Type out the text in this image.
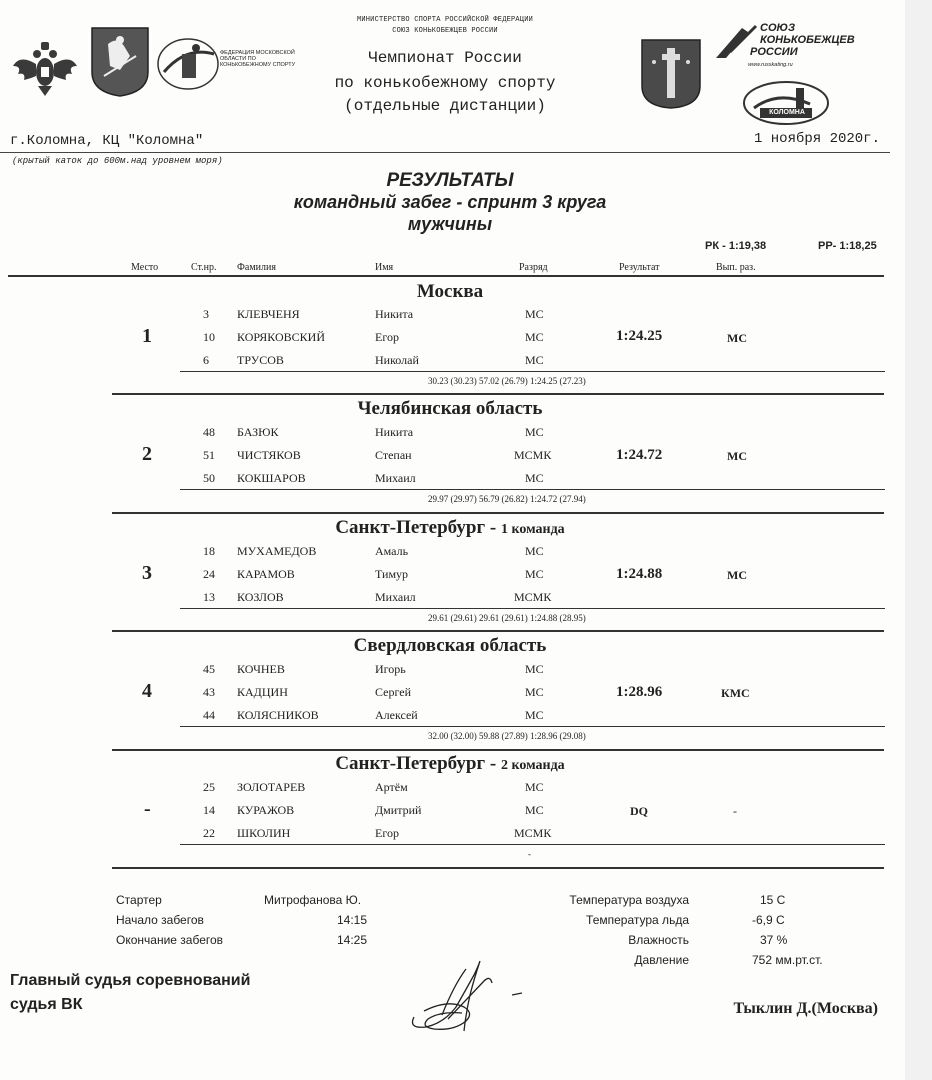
ФЕДЕРАЦИЯ МОСКОВСКОЙ ОБЛАСТИ ПО КОНЬКОБЕЖНОМУ СПОРТУ
МИНИСТЕРСТВО СПОРТА РОССИЙСКОЙ ФЕДЕРАЦИИ
СОЮЗ КОНЬКОБЕЖЦЕВ РОССИИ
Чемпионат России
по конькобежному спорту
(отдельные дистанции)
СОЮЗ
КОНЬКОБЕЖЦЕВ
РОССИИ
www.russkating.ru
КОЛОМНА
г.Коломна, КЦ "Коломна"	1 ноября 2020г.
(крытый каток до 600м.над уровнем моря)
РЕЗУЛЬТАТЫ
командный забег - спринт 3 круга
мужчины
РК - 1:19,38	РР- 1:18,25
Место	Ст.нр. Фамилия	Имя	Разряд	Результат	Вып. раз.
Москва
1
3 КЛЕВЧЕНЯ	Никита	МС
10 КОРЯКОВСКИЙ	Егор	МС
6 ТРУСОВ	Николай	МС
1:24.25	МС
30.23 (30.23) 57.02 (26.79) 1:24.25 (27.23)
Челябинская область
2
48 БАЗЮК	Никита	МС
51 ЧИСТЯКОВ	Степан	МСМК
50 КОКШАРОВ	Михаил	МС
1:24.72	МС
29.97 (29.97) 56.79 (26.82) 1:24.72 (27.94)
Санкт-Петербург - 1 команда
3
18 МУХАМЕДОВ	Амаль	МС
24 КАРАМОВ	Тимур	МС
13 КОЗЛОВ	Михаил	МСМК
1:24.88	МС
29.61 (29.61) 29.61 (29.61) 1:24.88 (28.95)
Свердловская область
4
45 КОЧНЕВ	Игорь	МС
43 КАДЦИН	Сергей	МС
44 КОЛЯСНИКОВ	Алексей	МС
1:28.96	КМС
32.00 (32.00) 59.88 (27.89) 1:28.96 (29.08)
Санкт-Петербург - 2 команда
-
25 ЗОЛОТАРЕВ	Артём	МС
14 КУРАЖОВ	Дмитрий	МС
22 ШКОЛИН	Егор	МСМК
DQ	-
-
Стартер	Митрофанова Ю.
Начало забегов	14:15
Окончание забегов	14:25
Температура воздуха	15 С
Температура льда	-6,9 С
Влажность	37 %
Давление	752 мм.рт.ст.
Главный судья соревнований
судья ВК	Тыклин Д.(Москва)
